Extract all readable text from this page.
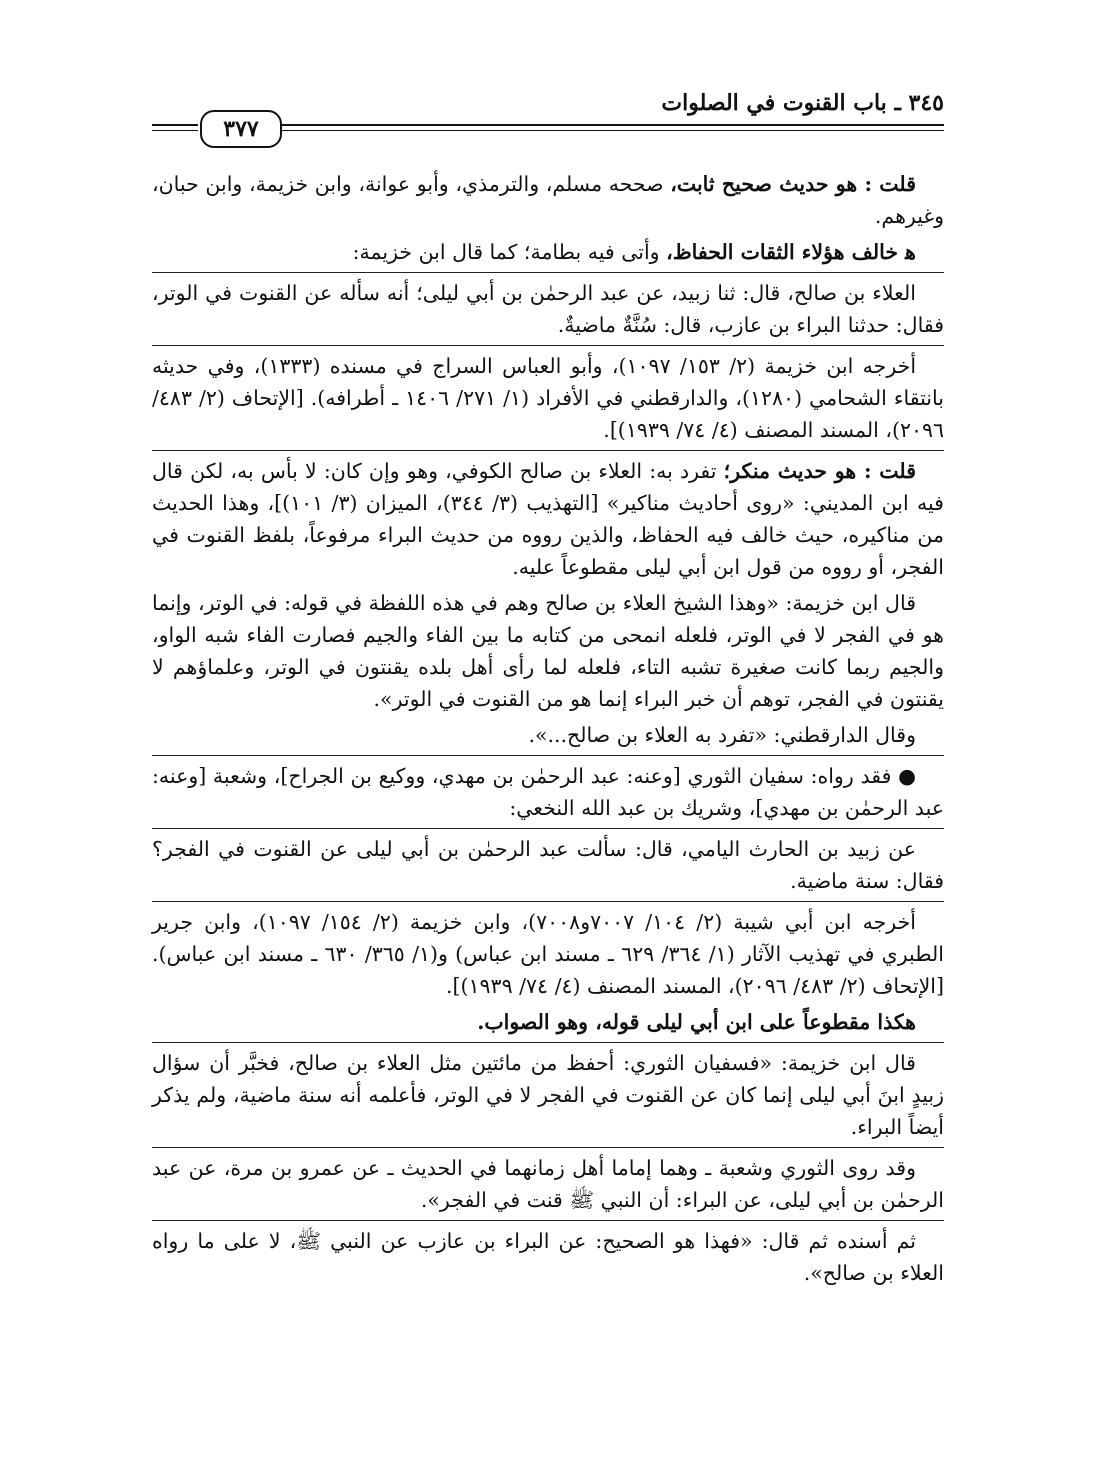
٣٤٥ ـ باب القنوت في الصلوات
٣٧٧

قلت : هو حديث صحيح ثابت، صححه مسلم، والترمذي، وأبو عوانة، وابن خزيمة، وابن حبان، وغيرهم.

ﻫ خالف هؤلاء الثقات الحفاظ، وأتى فيه بطامة؛ كما قال ابن خزيمة:

العلاء بن صالح، قال: ثنا زبيد، عن عبد الرحمٰن بن أبي ليلى؛ أنه سأله عن القنوت في الوتر، فقال: حدثنا البراء بن عازب، قال: سُنَّةٌ ماضيةٌ.

أخرجه ابن خزيمة (٢/ ١٥٣/ ١٠٩٧)، وأبو العباس السراج في مسنده (١٣٣٣)، وفي حديثه بانتقاء الشحامي (١٢٨٠)، والدارقطني في الأفراد (١/ ٢٧١/ ١٤٠٦ ـ أطرافه). [الإتحاف (٢/ ٤٨٣/ ٢٠٩٦)، المسند المصنف (٤/ ٧٤/ ١٩٣٩)].

قلت : هو حديث منكر؛ تفرد به: العلاء بن صالح الكوفي، وهو وإن كان: لا بأس به، لكن قال فيه ابن المديني: «روى أحاديث مناكير» [التهذيب (٣/ ٣٤٤)، الميزان (٣/ ١٠١)]، وهذا الحديث من مناكيره، حيث خالف فيه الحفاظ، والذين رووه من حديث البراء مرفوعاً، بلفظ القنوت في الفجر، أو رووه من قول ابن أبي ليلى مقطوعاً عليه.

قال ابن خزيمة: «وهذا الشيخ العلاء بن صالح وهم في هذه اللفظة في قوله: في الوتر، وإنما هو في الفجر لا في الوتر، فلعله انمحى من كتابه ما بين الفاء والجيم فصارت الفاء شبه الواو، والجيم ربما كانت صغيرة تشبه التاء، فلعله لما رأى أهل بلده يقنتون في الوتر، وعلماؤهم لا يقنتون في الفجر، توهم أن خبر البراء إنما هو من القنوت في الوتر».

وقال الدارقطني: «تفرد به العلاء بن صالح...».

● فقد رواه: سفيان الثوري [وعنه: عبد الرحمٰن بن مهدي، ووكيع بن الجراح]، وشعبة [وعنه: عبد الرحمٰن بن مهدي]، وشريك بن عبد الله النخعي:

عن زبيد بن الحارث اليامي، قال: سألت عبد الرحمٰن بن أبي ليلى عن القنوت في الفجر؟ فقال: سنة ماضية.

أخرجه ابن أبي شيبة (٢/ ١٠٤/ ٧٠٠٧و٧٠٠٨)، وابن خزيمة (٢/ ١٥٤/ ١٠٩٧)، وابن جرير الطبري في تهذيب الآثار (١/ ٣٦٤/ ٦٢٩ ـ مسند ابن عباس) و(١/ ٣٦٥/ ٦٣٠ ـ مسند ابن عباس). [الإتحاف (٢/ ٤٨٣/ ٢٠٩٦)، المسند المصنف (٤/ ٧٤/ ١٩٣٩)].

هكذا مقطوعاً على ابن أبي ليلى قوله، وهو الصواب.

قال ابن خزيمة: «فسفيان الثوري: أحفظ من مائتين مثل العلاء بن صالح، فخبَّر أن سؤال زبيدٍ ابنَ أبي ليلى إنما كان عن القنوت في الفجر لا في الوتر، فأعلمه أنه سنة ماضية، ولم يذكر أيضاً البراء.

وقد روى الثوري وشعبة ـ وهما إماما أهل زمانهما في الحديث ـ عن عمرو بن مرة، عن عبد الرحمٰن بن أبي ليلى، عن البراء: أن النبي ﷺ قنت في الفجر».

ثم أسنده ثم قال: «فهذا هو الصحيح: عن البراء بن عازب عن النبي ﷺ، لا على ما رواه العلاء بن صالح».
